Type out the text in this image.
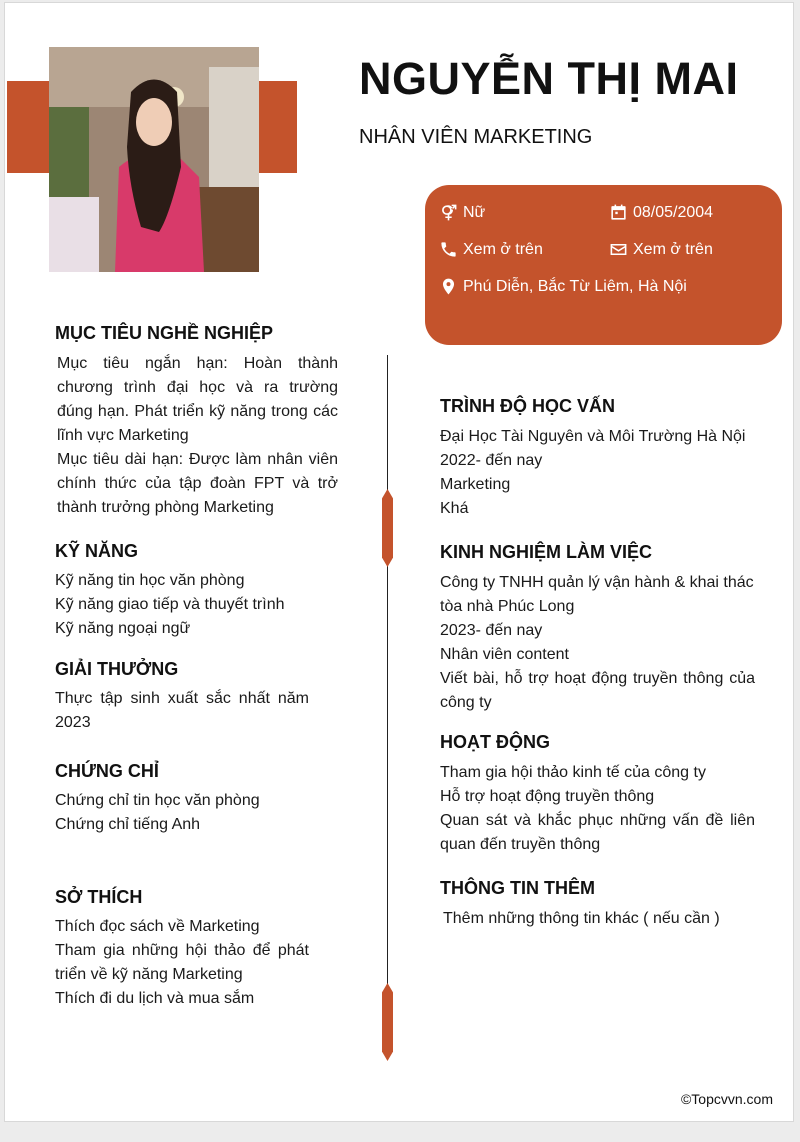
NGUYỄN THỊ MAI
NHÂN VIÊN MARKETING
Nữ	08/05/2004
Xem ở trên	Xem ở trên
Phú Diễn, Bắc Từ Liêm, Hà Nội
MỤC TIÊU NGHỀ NGHIỆP
Mục tiêu ngắn hạn: Hoàn thành chương trình đại học và ra trường đúng hạn. Phát triển kỹ năng trong các lĩnh vực Marketing
Mục tiêu dài hạn: Được làm nhân viên chính thức của tập đoàn FPT và trở thành trưởng phòng Marketing
KỸ NĂNG
Kỹ năng tin học văn phòng
Kỹ năng giao tiếp và thuyết trình
Kỹ năng ngoại ngữ
GIẢI THƯỞNG
Thực tập sinh xuất sắc nhất năm 2023
CHỨNG CHỈ
Chứng chỉ tin học văn phòng
Chứng chỉ tiếng Anh
SỞ THÍCH
Thích đọc sách về Marketing
Tham gia những hội thảo để phát triển về kỹ năng Marketing
Thích đi du lịch và mua sắm
TRÌNH ĐỘ HỌC VẤN
Đại Học Tài Nguyên và Môi Trường Hà Nội
2022- đến nay
Marketing
Khá
KINH NGHIỆM LÀM VIỆC
Công ty TNHH quản lý vận hành & khai thác tòa nhà Phúc Long
2023- đến nay
Nhân viên content
Viết bài, hỗ trợ hoạt động truyền thông của công ty
HOẠT ĐỘNG
Tham gia hội thảo kinh tế của công ty
Hỗ trợ hoạt động truyền thông
Quan sát và khắc phục những vấn đề liên quan đến truyền thông
THÔNG TIN THÊM
Thêm những thông tin khác ( nếu cần )
©Topcvvn.com
